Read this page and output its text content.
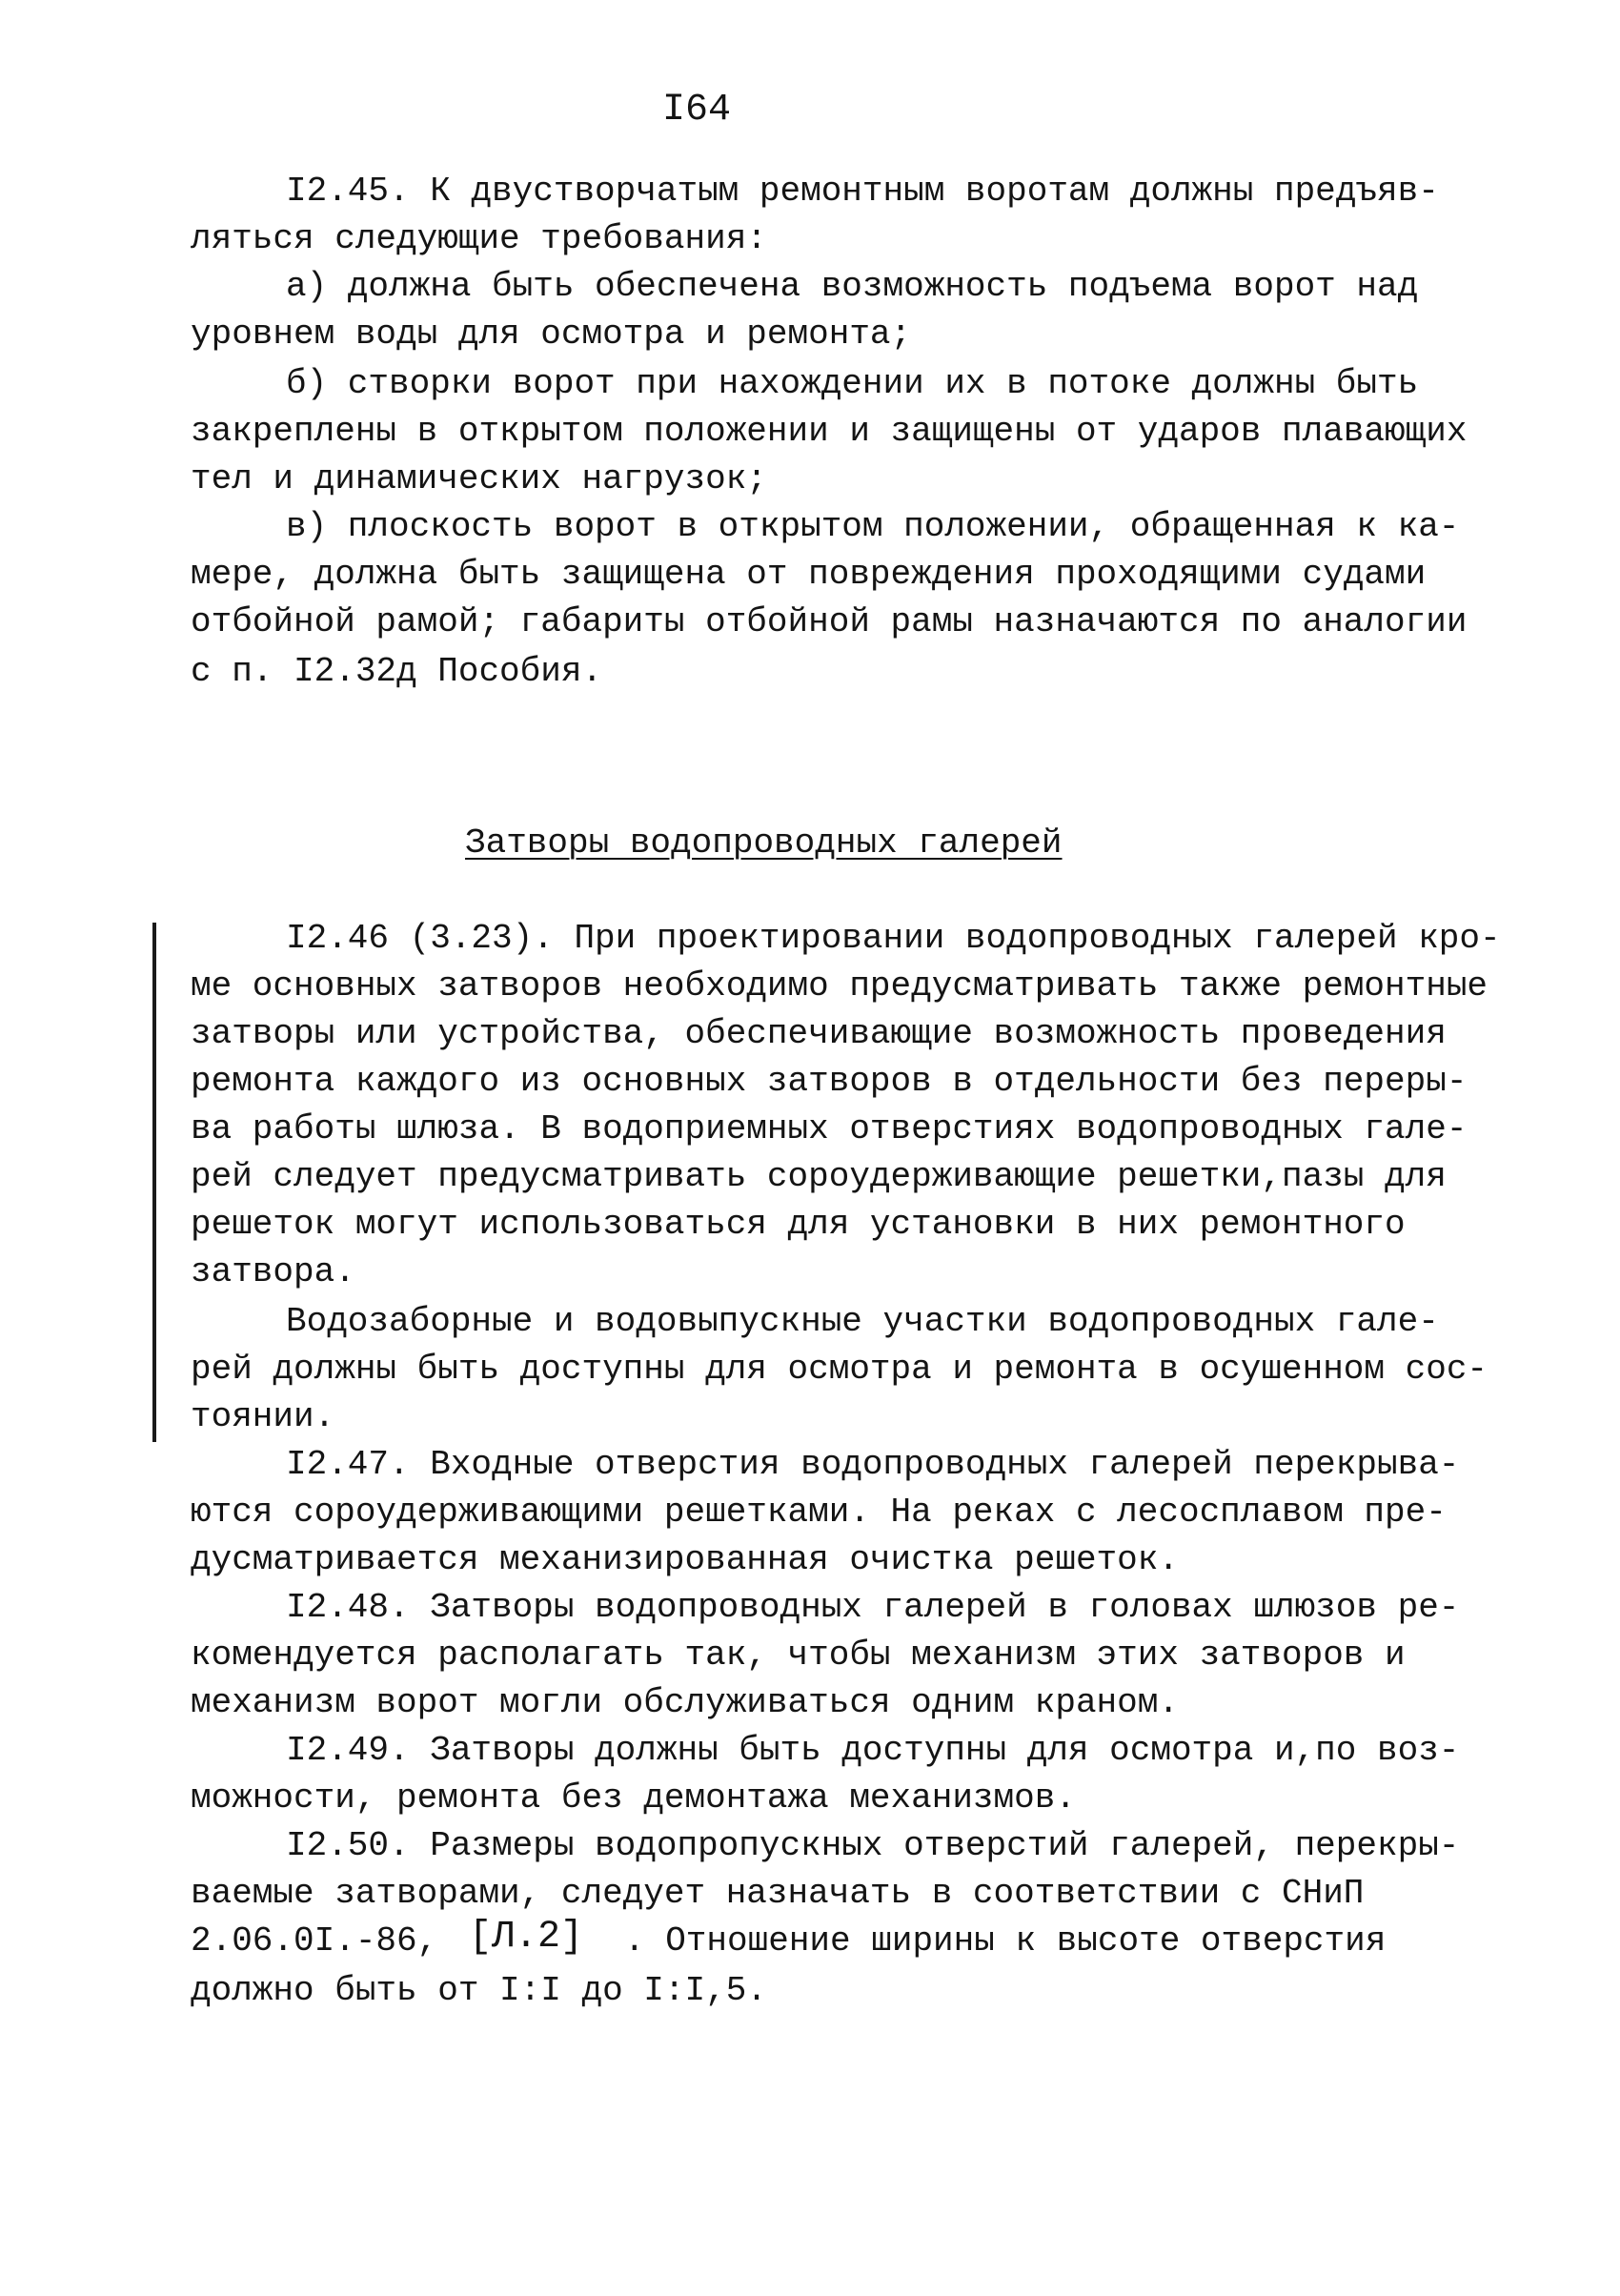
I64
I2.45. К двустворчатым ремонтным воротам должны предъяв-
ляться следующие требования:
а) должна быть обеспечена возможность подъема ворот над
уровнем воды для осмотра и ремонта;
б) створки ворот при нахождении их в потоке должны быть
закреплены в открытом положении и защищены от ударов плавающих
тел и динамических нагрузок;
в) плоскость ворот в открытом положении, обращенная к ка-
мере, должна быть защищена от повреждения проходящими судами
отбойной рамой; габариты отбойной рамы назначаются по аналогии
с п. I2.32д Пособия.
Затворы водопроводных галерей
I2.46 (3.23). При проектировании водопроводных галерей кро-
ме основных затворов необходимо предусматривать также ремонтные
затворы или устройства, обеспечивающие возможность проведения
ремонта каждого из основных затворов в отдельности без переры-
ва работы шлюза. В водоприемных отверстиях водопроводных гале-
рей следует предусматривать сороудерживающие решетки,пазы для
решеток могут использоваться для установки в них ремонтного
затвора.
Водозаборные и водовыпускные участки водопроводных гале-
рей должны быть доступны для осмотра и ремонта в осушенном сос-
тоянии.
I2.47. Входные отверстия водопроводных галерей перекрыва-
ются сороудерживающими решетками. На реках с лесосплавом пре-
дусматривается механизированная очистка решеток.
I2.48. Затворы водопроводных галерей в головах шлюзов ре-
комендуется располагать так, чтобы механизм этих затворов и
механизм ворот могли обслуживаться одним краном.
I2.49. Затворы должны быть доступны для осмотра и,по воз-
можности, ремонта без демонтажа механизмов.
I2.50. Размеры водопропускных отверстий галерей, перекры-
ваемые затворами, следует назначать в соответствии с СНиП
2.06.0I.-86, [Л.2] . Отношение ширины к высоте отверстия
должно быть от I:I до I:I,5.
